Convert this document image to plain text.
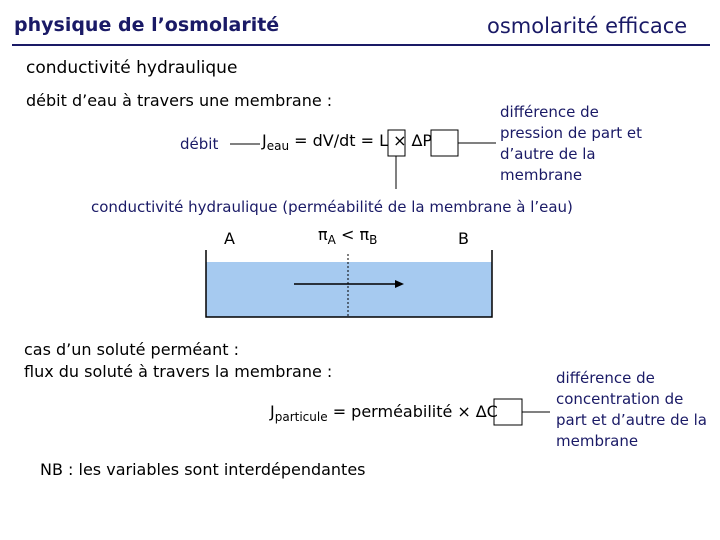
physique de l’osmolarité	osmolarité efficace
conductivité hydraulique
débit d’eau à travers une membrane :
débit	$J_{eau} = dV/dt = L \times \Delta P$
différence de pression de part et d’autre de la membrane
conductivité hydraulique (perméabilité de la membrane à l’eau)
A	B
$\pi_A < \pi_B$
cas d’un soluté perméant :
flux du soluté à travers la membrane :
$J_{particule}$ = perméabilité × ∆C
différence de concentration de part et d’autre de la membrane
NB : les variables sont interdépendantes
